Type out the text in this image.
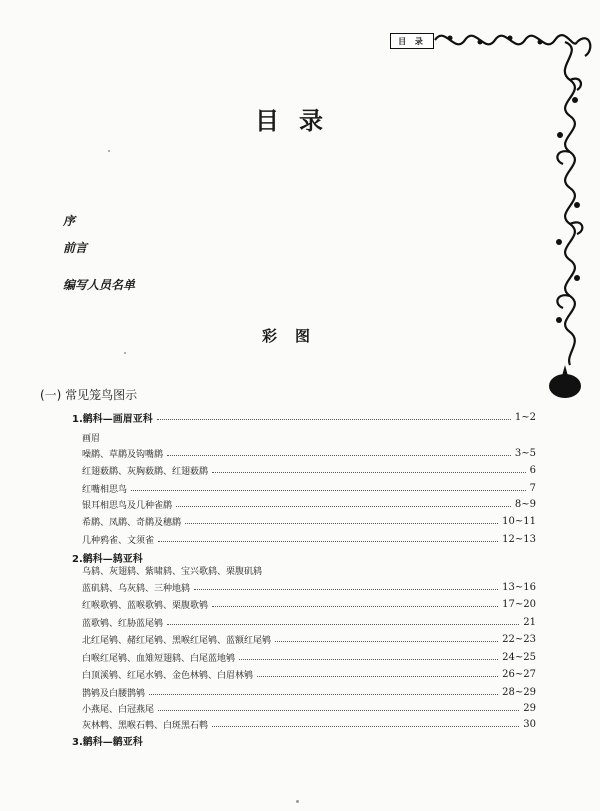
目 录
目录
序
前言
编写人员名单
彩图
(一) 常见笼鸟图示
1.鹟科—画眉亚科	1~2
画眉
噪鹛、草鹛及钩嘴鹛	3~5
红翅薮鹛、灰胸薮鹛、红翅薮鹛	6
红嘴相思鸟	7
银耳相思鸟及几种雀鹛	8~9
希鹛、凤鹛、奇鹛及穗鹛	10~11
几种鸦雀、文须雀	12~13
2.鹟科—鸫亚科
乌鸫、灰翅鸫、紫啸鸫、宝兴歌鸫、栗腹矶鸫
蓝矶鸫、乌灰鸫、三种地鸫	13~16
红喉歌鸲、蓝喉歌鸲、栗腹歌鸲	17~20
蓝歌鸲、红胁蓝尾鸲	21
北红尾鸲、赭红尾鸲、黑喉红尾鸲、蓝额红尾鸲	22~23
白喉红尾鸲、血雉短翅鸫、白尾蓝地鸲	24~25
白顶溪鸲、红尾水鸲、金色林鸲、白眉林鸲	26~27
鹊鸲及白腰鹊鸲	28~29
小燕尾、白冠燕尾	29
灰林鹎、黑喉石鹎、白斑黑石鹎	30
3.鹟科—鹟亚科
